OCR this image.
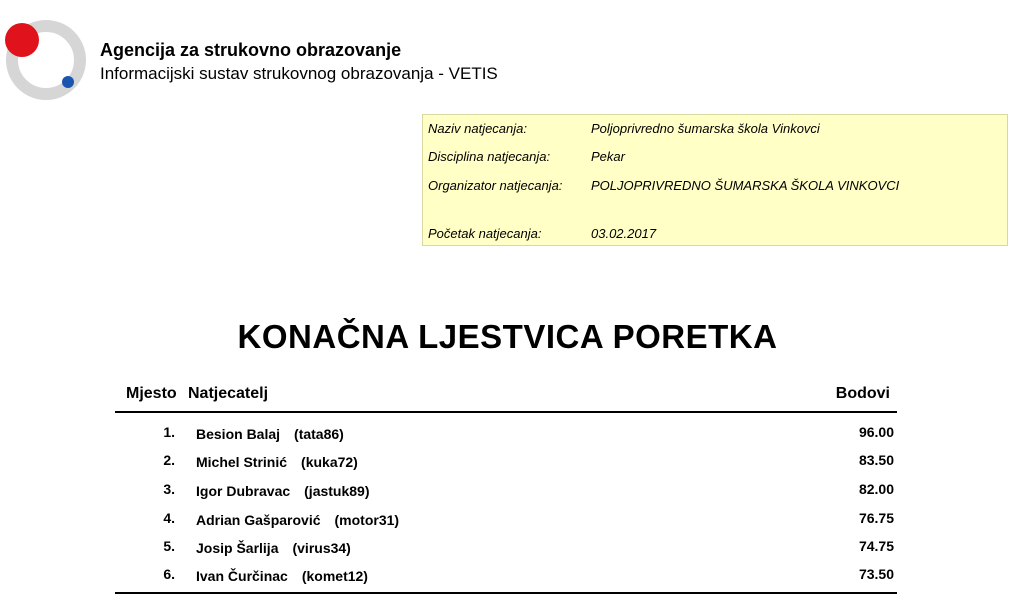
Agencija za strukovno obrazovanje
Informacijski sustav strukovnog obrazovanja - VETIS
Naziv natjecanja:	Poljoprivredno šumarska škola Vinkovci
Disciplina natjecanja:	Pekar
Organizator natjecanja: POLJOPRIVREDNO ŠUMARSKA ŠKOLA VINKOVCI
Početak natjecanja:	03.02.2017
KONAČNA LJESTVICA PORETKA
Mjesto Natjecatelj	Bodovi
1. Besion Balaj (tata86)	96.00
2. Michel Strinić (kuka72)	83.50
3. Igor Dubravac (jastuk89)	82.00
4. Adrian Gašparović (motor31)	76.75
5. Josip Šarlija (virus34)	74.75
6. Ivan Čurčinac (komet12)	73.50
